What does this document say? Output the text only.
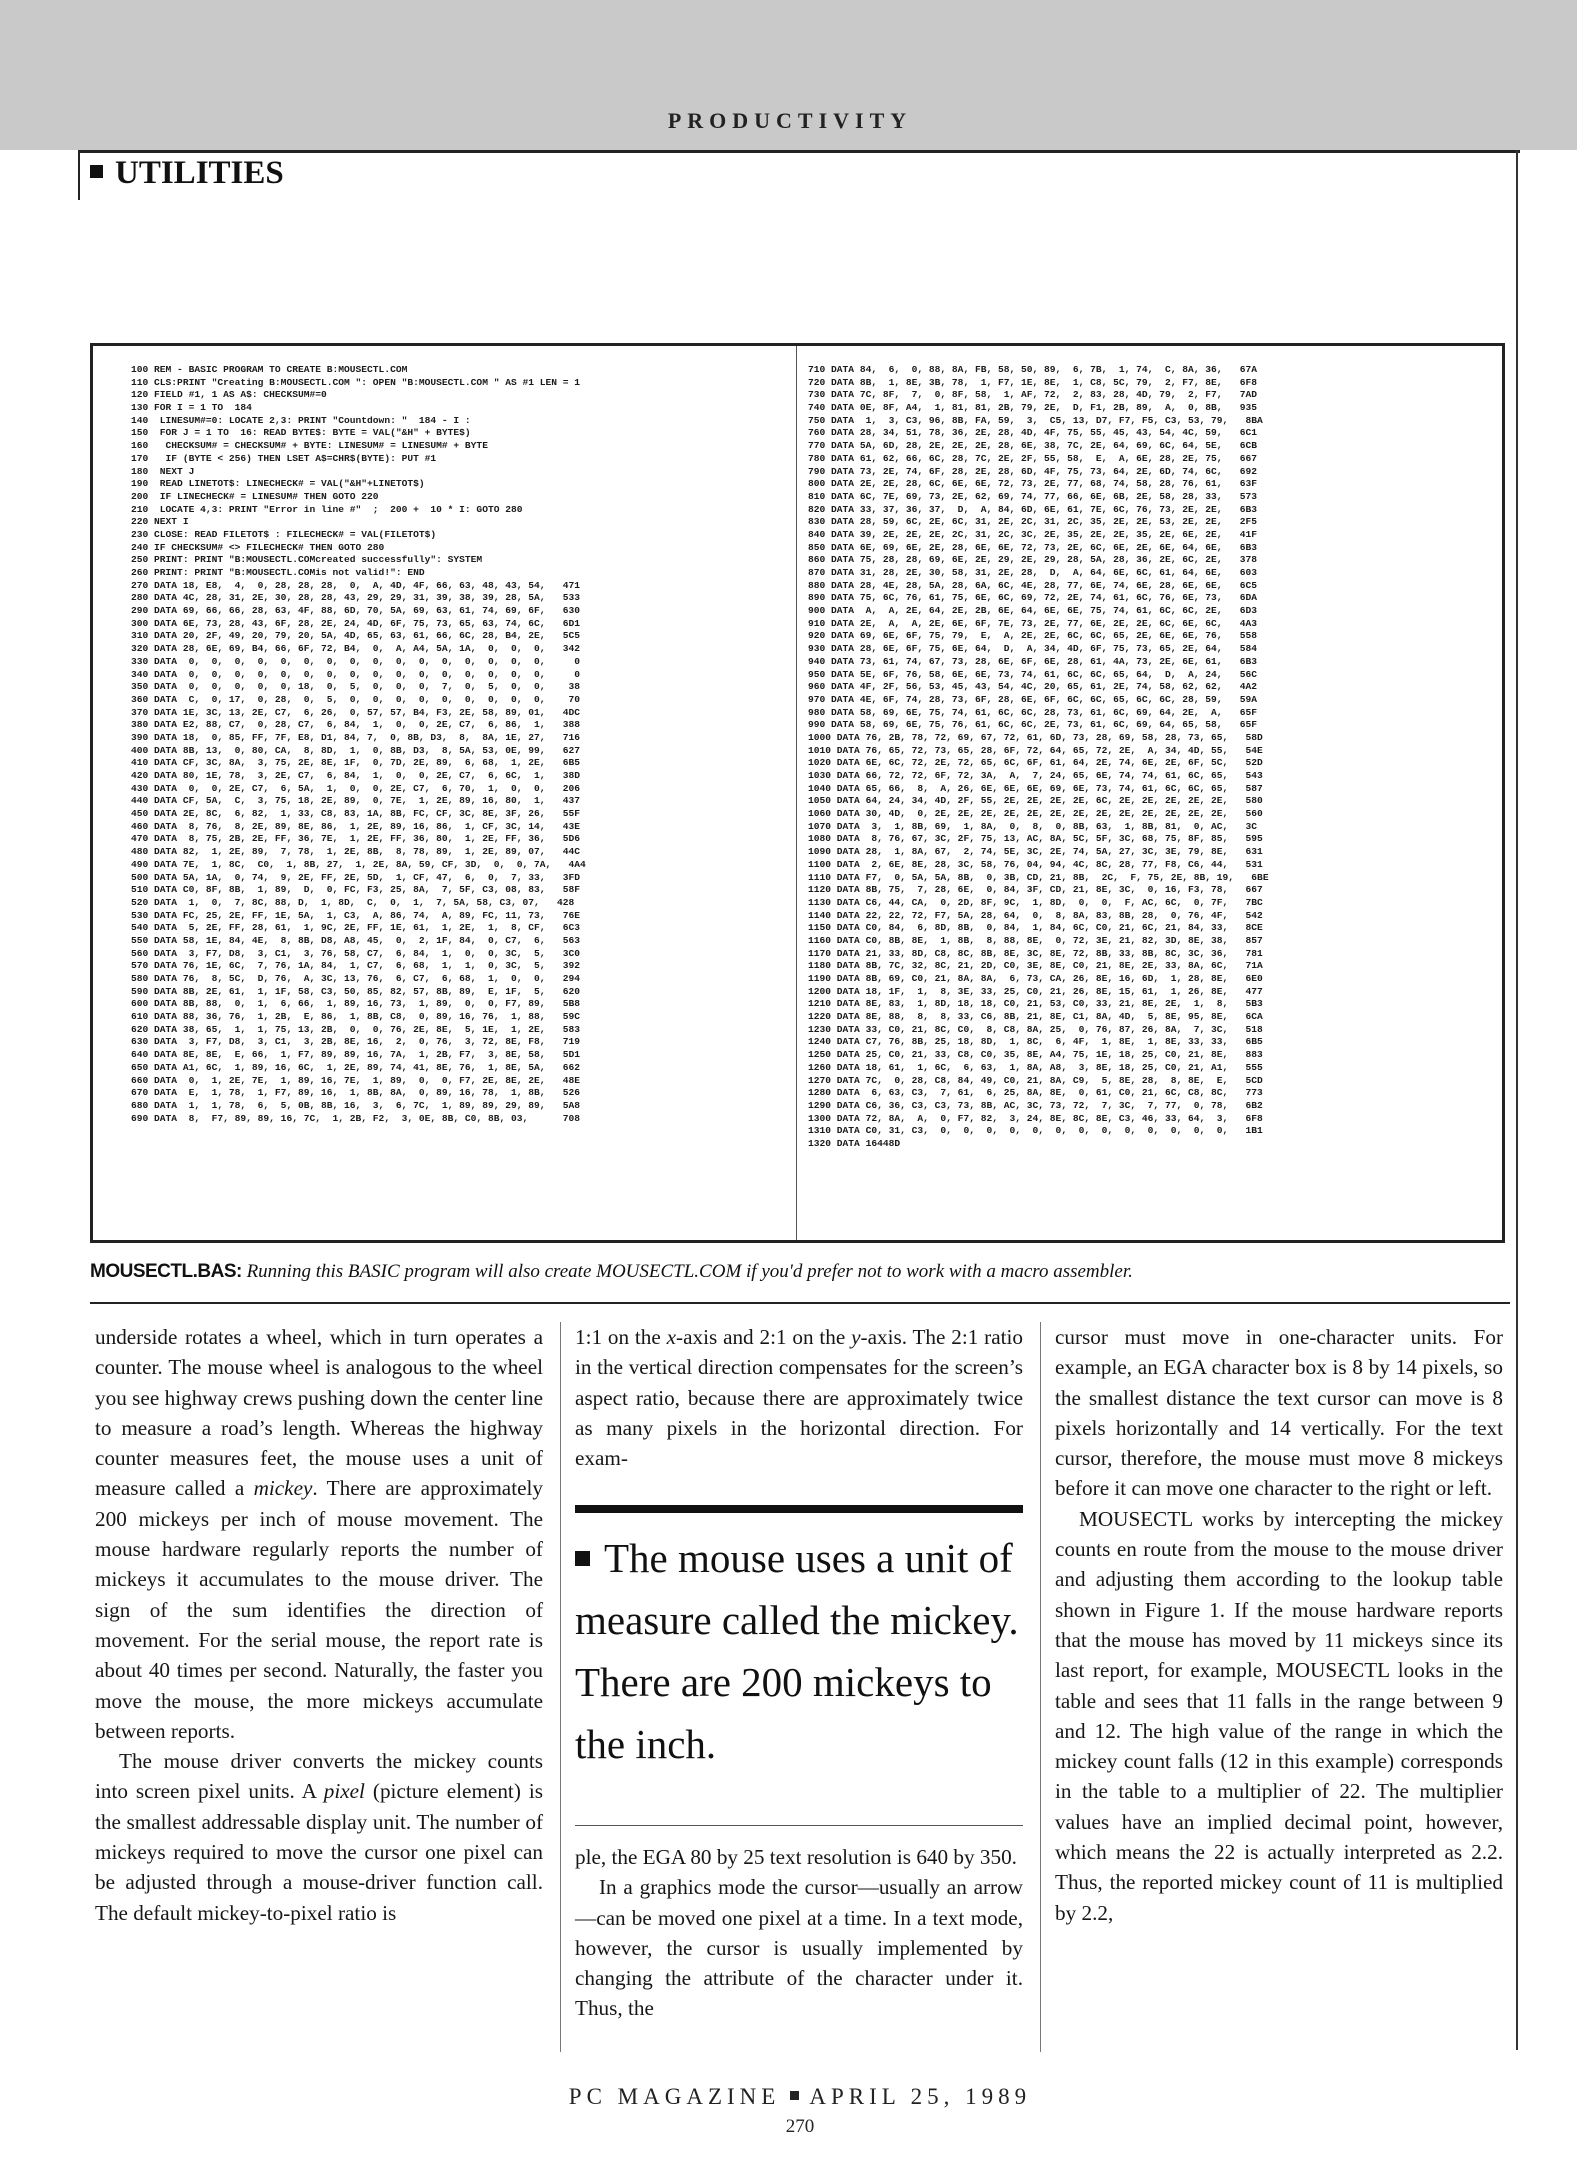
PRODUCTIVITY
UTILITIES
100 REM - BASIC PROGRAM TO CREATE B:MOUSECTL.COM
110 CLS:PRINT "Creating B:MOUSECTL.COM ": OPEN "B:MOUSECTL.COM " AS #1 LEN = 1
120 FIELD #1, 1 AS A$: CHECKSUM#=0
130 FOR I = 1 TO  184
140  LINESUM#=0: LOCATE 2,3: PRINT "Countdown: "  184 - I :
150  FOR J = 1 TO  16: READ BYTE$: BYTE = VAL("&H" + BYTE$)
160   CHECKSUM# = CHECKSUM# + BYTE: LINESUM# = LINESUM# + BYTE
170   IF (BYTE < 256) THEN LSET A$=CHR$(BYTE): PUT #1
180  NEXT J
190  READ LINETOT$: LINECHECK# = VAL("&H"+LINETOT$)
200  IF LINECHECK# = LINESUM# THEN GOTO 220
210  LOCATE 4,3: PRINT "Error in line #"  ;  200 +  10 * I: GOTO 280
220 NEXT I
230 CLOSE: READ FILETOT$ : FILECHECK# = VAL(FILETOT$)
240 IF CHECKSUM# <> FILECHECK# THEN GOTO 280
250 PRINT: PRINT "B:MOUSECTL.COMcreated successfully": SYSTEM
260 PRINT: PRINT "B:MOUSECTL.COMis not valid!": END
270 DATA 18, E8,  4,  0, 28, 28, 28,  0,  A, 4D, 4F, 66, 63, 48, 43, 54,   471
280 DATA 4C, 28, 31, 2E, 30, 28, 28, 43, 29, 29, 31, 39, 38, 39, 28, 5A,   533
290 DATA 69, 66, 66, 28, 63, 4F, 88, 6D, 70, 5A, 69, 63, 61, 74, 69, 6F,   630
300 DATA 6E, 73, 28, 43, 6F, 28, 2E, 24, 4D, 6F, 75, 73, 65, 63, 74, 6C,   6D1
310 DATA 20, 2F, 49, 20, 79, 20, 5A, 4D, 65, 63, 61, 66, 6C, 28, B4, 2E,   5C5
320 DATA 28, 6E, 69, B4, 66, 6F, 72, B4,  0,  A, A4, 5A, 1A,  0,  0,  0,   342
330 DATA  0,  0,  0,  0,  0,  0,  0,  0,  0,  0,  0,  0,  0,  0,  0,  0,     0
340 DATA  0,  0,  0,  0,  0,  0,  0,  0,  0,  0,  0,  0,  0,  0,  0,  0,     0
350 DATA  0,  0,  0,  0,  0, 18,  0,  5,  0,  0,  0,  7,  0,  5,  0,  0,    38
360 DATA  C,  0, 17,  0, 28,  0,  5,  0,  0,  0,  0,  0,  0,  0,  0,  0,    70
370 DATA 1E, 3C, 13, 2E, C7,  6, 26,  0, 57, 57, B4, F3, 2E, 58, 89, 01,   4DC
380 DATA E2, 88, C7,  0, 28, C7,  6, 84,  1,  0,  0, 2E, C7,  6, 86,  1,   388
390 DATA 18,  0, 85, FF, 7F, E8, D1, 84, 7,  0, 8B, D3,  8,  8A, 1E, 27,   716
400 DATA 8B, 13,  0, 80, CA,  8, 8D,  1,  0, 8B, D3,  8, 5A, 53, 0E, 99,   627
410 DATA CF, 3C, 8A,  3, 75, 2E, 8E, 1F,  0, 7D, 2E, 89,  6, 68,  1, 2E,   6B5
420 DATA 80, 1E, 78,  3, 2E, C7,  6, 84,  1,  0,  0, 2E, C7,  6, 6C,  1,   38D
430 DATA  0,  0, 2E, C7,  6, 5A,  1,  0,  0, 2E, C7,  6, 70,  1,  0,  0,   206
440 DATA CF, 5A,  C,  3, 75, 18, 2E, 89,  0, 7E,  1, 2E, 89, 16, 80,  1,   437
450 DATA 2E, 8C,  6, 82,  1, 33, C8, 83, 1A, 8B, FC, CF, 3C, 8E, 3F, 26,   55F
460 DATA  8, 76,  8, 2E, 89, 8E, 86,  1, 2E, 89, 16, 86,  1, CF, 3C, 14,   43E
470 DATA  8, 75, 2B, 2E, FF, 36, 7E,  1, 2E, FF, 36, 80,  1, 2E, FF, 36,   5D6
480 DATA 82,  1, 2E, 89,  7, 78,  1, 2E, 8B,  8, 78, 89,  1, 2E, 89, 07,   44C
490 DATA 7E,  1, 8C,  C0,  1, 8B, 27,  1, 2E, 8A, 59, CF, 3D,  0,  0, 7A,   4A4
500 DATA 5A, 1A,  0, 74,  9, 2E, FF, 2E, 5D,  1, CF, 47,  6,  0,  7, 33,   3FD
510 DATA C0, 8F, 8B,  1, 89,  D,  0, FC, F3, 25, 8A,  7, 5F, C3, 08, 83,   58F
520 DATA  1,  0,  7, 8C, 88, D,  1, 8D,  C,  0,  1,  7, 5A, 58, C3, 07,   428
530 DATA FC, 25, 2E, FF, 1E, 5A,  1, C3,  A, 86, 74,  A, 89, FC, 11, 73,   76E
540 DATA  5, 2E, FF, 28, 61,  1, 9C, 2E, FF, 1E, 61,  1, 2E,  1,  8, CF,   6C3
550 DATA 58, 1E, 84, 4E,  8, 8B, D8, A8, 45,  0,  2, 1F, 84,  0, C7,  6,   563
560 DATA  3, F7, D8,  3, C1,  3, 76, 58, C7,  6, 84,  1,  0,  0, 3C,  5,   3C0
570 DATA 76, 1E, 6C,  7, 76, 1A, 84,  1, C7,  6, 68,  1,  1,  0, 3C,  5,   392
580 DATA 76,  8, 5C,  D, 76,  A, 3C, 13, 76,  6, C7,  6, 68,  1,  0,  0,   294
590 DATA 8B, 2E, 61,  1, 1F, 58, C3, 50, 85, 82, 57, 8B, 89,  E, 1F,  5,   620
600 DATA 8B, 88,  0,  1,  6, 66,  1, 89, 16, 73,  1, 89,  0,  0, F7, 89,   5B8
610 DATA 88, 36, 76,  1, 2B,  E, 86,  1, 8B, C8,  0, 89, 16, 76,  1, 88,   59C
620 DATA 38, 65,  1,  1, 75, 13, 2B,  0,  0, 76, 2E, 8E,  5, 1E,  1, 2E,   583
630 DATA  3, F7, D8,  3, C1,  3, 2B, 8E, 16,  2,  0, 76,  3, 72, 8E, F8,   719
640 DATA 8E, 8E,  E, 66,  1, F7, 89, 89, 16, 7A,  1, 2B, F7,  3, 8E, 58,   5D1
650 DATA A1, 6C,  1, 89, 16, 6C,  1, 2E, 89, 74, 41, 8E, 76,  1, 8E, 5A,   662
660 DATA  0,  1, 2E, 7E,  1, 89, 16, 7E,  1, 89,  0,  0, F7, 2E, 8E, 2E,   48E
670 DATA  E,  1, 78,  1, F7, 89, 16,  1, 8B, 8A,  0, 89, 16, 78,  1, 8B,   526
680 DATA  1,  1, 78,  6,  5, 0B, 8B, 16,  3,  6, 7C,  1, 89, 89, 29, 89,   5A8
690 DATA  8,  F7, 89, 89, 16, 7C,  1, 2B, F2,  3, 0E, 8B, C0, 8B, 03,      708
710 DATA 84,  6,  0, 88, 8A, FB, 58, 50, 89,  6, 7B,  1, 74,  C, 8A, 36,   67A
720 DATA 8B,  1, 8E, 3B, 78,  1, F7, 1E, 8E,  1, C8, 5C, 79,  2, F7, 8E,   6F8
730 DATA 7C, 8F,  7,  0, 8F, 58,  1, AF, 72,  2, 83, 28, 4D, 79,  2, F7,   7AD
740 DATA 0E, 8F, A4,  1, 81, 81, 2B, 79, 2E,  D, F1, 2B, 89,  A,  0, 8B,   935
750 DATA  1,  3, C3, 96, 8B, FA, 59,  3,  C5, 13, D7, F7, F5, C3, 53, 79,   8BA
760 DATA 28, 34, 51, 78, 36, 2E, 28, 4D, 4F, 75, 55, 45, 43, 54, 4C, 59,   6C1
770 DATA 5A, 6D, 28, 2E, 2E, 2E, 28, 6E, 38, 7C, 2E, 64, 69, 6C, 64, 5E,   6CB
780 DATA 61, 62, 66, 6C, 28, 7C, 2E, 2F, 55, 58,  E,  A, 6E, 28, 2E, 75,   667
790 DATA 73, 2E, 74, 6F, 28, 2E, 28, 6D, 4F, 75, 73, 64, 2E, 6D, 74, 6C,   692
800 DATA 2E, 2E, 28, 6C, 6E, 6E, 72, 73, 2E, 77, 68, 74, 58, 28, 76, 61,   63F
810 DATA 6C, 7E, 69, 73, 2E, 62, 69, 74, 77, 66, 6E, 6B, 2E, 58, 28, 33,   573
820 DATA 33, 37, 36, 37,  D,  A, 84, 6D, 6E, 61, 7E, 6C, 76, 73, 2E, 2E,   6B3
830 DATA 28, 59, 6C, 2E, 6C, 31, 2E, 2C, 31, 2C, 35, 2E, 2E, 53, 2E, 2E,   2F5
840 DATA 39, 2E, 2E, 2E, 2C, 31, 2C, 3C, 2E, 35, 2E, 2E, 35, 2E, 6E, 2E,   41F
850 DATA 6E, 69, 6E, 2E, 28, 6E, 6E, 72, 73, 2E, 6C, 6E, 2E, 6E, 64, 6E,   6B3
860 DATA 75, 28, 28, 69, 6E, 2E, 29, 2E, 29, 28, 5A, 28, 36, 2E, 6C, 2E,   378
870 DATA 31, 28, 2E, 30, 58, 31, 2E, 28,  D,  A, 64, 6E, 6C, 61, 64, 6E,   603
880 DATA 28, 4E, 28, 5A, 28, 6A, 6C, 4E, 28, 77, 6E, 74, 6E, 28, 6E, 6E,   6C5
890 DATA 75, 6C, 76, 61, 75, 6E, 6C, 69, 72, 2E, 74, 61, 6C, 76, 6E, 73,   6DA
900 DATA  A,  A, 2E, 64, 2E, 2B, 6E, 64, 6E, 6E, 75, 74, 61, 6C, 6C, 2E,   6D3
910 DATA 2E,  A,  A, 2E, 6E, 6F, 7E, 73, 2E, 77, 6E, 2E, 2E, 6C, 6E, 6C,   4A3
920 DATA 69, 6E, 6F, 75, 79,  E,  A, 2E, 2E, 6C, 6C, 65, 2E, 6E, 6E, 76,   558
930 DATA 28, 6E, 6F, 75, 6E, 64,  D,  A, 34, 4D, 6F, 75, 73, 65, 2E, 64,   584
940 DATA 73, 61, 74, 67, 73, 28, 6E, 6F, 6E, 28, 61, 4A, 73, 2E, 6E, 61,   6B3
950 DATA 5E, 6F, 76, 58, 6E, 6E, 73, 74, 61, 6C, 6C, 65, 64,  D,  A, 24,   56C
960 DATA 4F, 2F, 56, 53, 45, 43, 54, 4C, 20, 65, 61, 2E, 74, 58, 62, 62,   4A2
970 DATA 4E, 6F, 74, 28, 73, 6F, 28, 6E, 6F, 6C, 6C, 65, 6C, 6C, 28, 59,   59A
980 DATA 58, 69, 6E, 75, 74, 61, 6C, 6C, 28, 73, 61, 6C, 69, 64, 2E,  A,   65F
990 DATA 58, 69, 6E, 75, 76, 61, 6C, 6C, 2E, 73, 61, 6C, 69, 64, 65, 58,   65F
1000 DATA 76, 2B, 78, 72, 69, 67, 72, 61, 6D, 73, 28, 69, 58, 28, 73, 65,   58D
1010 DATA 76, 65, 72, 73, 65, 28, 6F, 72, 64, 65, 72, 2E,  A, 34, 4D, 55,   54E
1020 DATA 6E, 6C, 72, 2E, 72, 65, 6C, 6F, 61, 64, 2E, 74, 6E, 2E, 6F, 5C,   52D
1030 DATA 66, 72, 72, 6F, 72, 3A,  A,  7, 24, 65, 6E, 74, 74, 61, 6C, 65,   543
1040 DATA 65, 66,  8,  A, 26, 6E, 6E, 6E, 69, 6E, 73, 74, 61, 6C, 6C, 65,   587
1050 DATA 64, 24, 34, 4D, 2F, 55, 2E, 2E, 2E, 2E, 6C, 2E, 2E, 2E, 2E, 2E,   580
1060 DATA 30, 4D,  0, 2E, 2E, 2E, 2E, 2E, 2E, 2E, 2E, 2E, 2E, 2E, 2E, 2E,   560
1070 DATA  3,  1, 8B, 69,  1, 8A,  0,  8,  0, 8B, 63,  1, 8B, 81,  0, AC,   3C
1080 DATA  8, 76, 67, 3C, 2F, 75, 13, AC, 8A, 5C, 5F, 3C, 68, 75, 8F, 85,   595
1090 DATA 28,  1, 8A, 67,  2, 74, 5E, 3C, 2E, 74, 5A, 27, 3C, 3E, 79, 8E,   631
1100 DATA  2, 6E, 8E, 28, 3C, 58, 76, 04, 94, 4C, 8C, 28, 77, F8, C6, 44,   531
1110 DATA F7,  0, 5A, 5A, 8B,  0, 3B, CD, 21, 8B,  2C,  F, 75, 2E, 8B, 19,   6BE
1120 DATA 8B, 75,  7, 28, 6E,  0, 84, 3F, CD, 21, 8E, 3C,  0, 16, F3, 78,   667
1130 DATA C6, 44, CA,  0, 2D, 8F, 9C,  1, 8D,  0,  0,  F, AC, 6C,  0, 7F,   7BC
1140 DATA 22, 22, 72, F7, 5A, 28, 64,  0,  8, 8A, 83, 8B, 28,  0, 76, 4F,   542
1150 DATA C0, 84,  6, 8D, 8B,  0, 84,  1, 84, 6C, C0, 21, 6C, 21, 84, 33,   8CE
1160 DATA C0, 8B, 8E,  1, 8B,  8, 88, 8E,  0, 72, 3E, 21, 82, 3D, 8E, 38,   857
1170 DATA 21, 33, 8D, C8, 8C, 8B, 8E, 3C, 8E, 72, 8B, 33, 8B, 8C, 3C, 36,   781
1180 DATA 8B, 7C, 32, 8C, 21, 2D, C0, 3E, 8E, C0, 21, 8E, 2E, 33, 8A, 6C,   71A
1190 DATA 8B, 69, C0, 21, 8A, 8A,  6, 73, CA, 26, 8E, 16, 6D,  1, 28, 8E,   6E0
1200 DATA 18, 1F,  1,  8, 3E, 33, 25, C0, 21, 26, 8E, 15, 61,  1, 26, 8E,   477
1210 DATA 8E, 83,  1, 8D, 18, 18, C0, 21, 53, C0, 33, 21, 8E, 2E,  1,  8,   5B3
1220 DATA 8E, 88,  8,  8, 33, C6, 8B, 21, 8E, C1, 8A, 4D,  5, 8E, 95, 8E,   6CA
1230 DATA 33, C0, 21, 8C, C0,  8, C8, 8A, 25,  0, 76, 87, 26, 8A,  7, 3C,   518
1240 DATA C7, 76, 8B, 25, 18, 8D,  1, 8C,  6, 4F,  1, 8E,  1, 8E, 33, 33,   6B5
1250 DATA 25, C0, 21, 33, C8, C0, 35, 8E, A4, 75, 1E, 18, 25, C0, 21, 8E,   883
1260 DATA 18, 61,  1, 6C,  6, 63,  1, 8A, A8,  3, 8E, 18, 25, C0, 21, A1,   555
1270 DATA 7C,  0, 28, C8, 84, 49, C0, 21, 8A, C9,  5, 8E, 28,  8, 8E,  E,   5CD
1280 DATA  6, 63, C3,  7, 61,  6, 25, 8A, 8E,  0, 61, C0, 21, 6C, C8, 8C,   773
1290 DATA C6, 36, C3, C3, 73, 8B, AC, 3C, 73, 72,  7, 3C,  7, 77,  0, 78,   6B2
1300 DATA 72, 8A,  A,  0, F7, 82,  3, 24, 8E, 8C, 8E, C3, 46, 33, 64,  3,   6F8
1310 DATA C0, 31, C3,  0,  0,  0,  0,  0,  0,  0,  0,  0,  0,  0,  0,  0,   1B1
1320 DATA 16448D
MOUSECTL.BAS: Running this BASIC program will also create MOUSECTL.COM if you'd prefer not to work with a macro assembler.

underside rotates a wheel, which in turn operates a counter. The mouse wheel is analogous to the wheel you see highway crews pushing down the center line to measure a road’s length. Whereas the highway counter measures feet, the mouse uses a unit of measure called a mickey. There are approximately 200 mickeys per inch of mouse movement. The mouse hardware regularly reports the number of mickeys it accumulates to the mouse driver. The sign of the sum identifies the direction of movement. For the serial mouse, the report rate is about 40 times per second. Naturally, the faster you move the mouse, the more mickeys accumulate between reports.

The mouse driver converts the mickey counts into screen pixel units. A pixel (picture element) is the smallest addressable display unit. The number of mickeys required to move the cursor one pixel can be adjusted through a mouse-driver function call. The default mickey-to-pixel ratio is

1:1 on the x-axis and 2:1 on the y-axis. The 2:1 ratio in the vertical direction compensates for the screen’s aspect ratio, because there are approximately twice as many pixels in the horizontal direction. For exam-

The mouse uses a unit of measure called the mickey. There are 200 mickeys to the inch.

ple, the EGA 80 by 25 text resolution is 640 by 350.

In a graphics mode the cursor—usually an arrow—can be moved one pixel at a time. In a text mode, however, the cursor is usually implemented by changing the attribute of the character under it. Thus, the

cursor must move in one-character units. For example, an EGA character box is 8 by 14 pixels, so the smallest distance the text cursor can move is 8 pixels horizontally and 14 vertically. For the text cursor, therefore, the mouse must move 8 mickeys before it can move one character to the right or left.

MOUSECTL works by intercepting the mickey counts en route from the mouse to the mouse driver and adjusting them according to the lookup table shown in Figure 1. If the mouse hardware reports that the mouse has moved by 11 mickeys since its last report, for example, MOUSECTL looks in the table and sees that 11 falls in the range between 9 and 12. The high value of the range in which the mickey count falls (12 in this example) corresponds in the table to a multiplier of 22. The multiplier values have an implied decimal point, however, which means the 22 is actually interpreted as 2.2. Thus, the reported mickey count of 11 is multiplied by 2.2,

PC MAGAZINE APRIL 25, 1989
270
